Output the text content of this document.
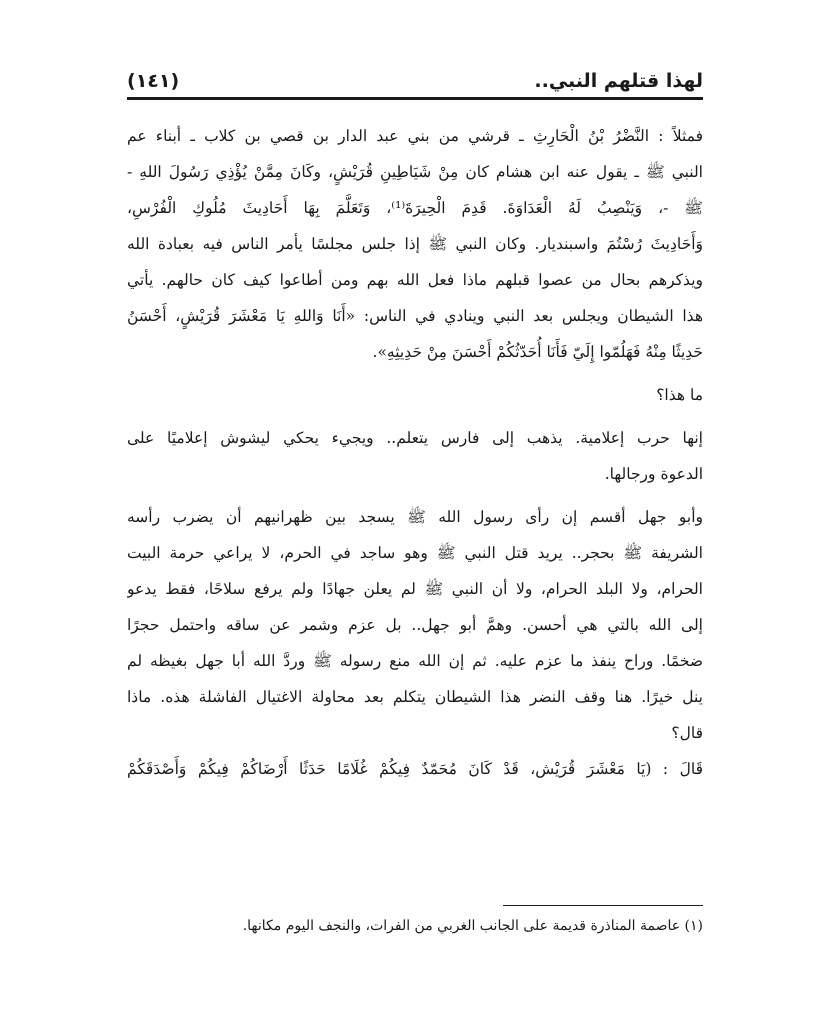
لهذا قتلهم النبي..
(١٤١)

فمثلاً : النَّضْرُ بْنُ الْحَارِثِ ـ قرشي من بني عبد الدار بن قصي بن كلاب ـ أبناء عم
النبي ﷺ ـ يقول عنه ابن هشام كان مِنْ شَيَاطِينِ قُرَيْشٍ، وكَانَ مِمَّنْ يُؤْذِي رَسُولَ اللهِ -
ﷺ -، وَيَنْصِبُ لَهُ الْعَدَاوَةَ. قَدِمَ الْحِيرَةَ⁽¹⁾، وَتَعَلَّمَ بِهَا أَحَادِيثَ مُلُوكِ الْفُرْسِ،
وَأَحَادِيثَ رُسْتُمَ واسبنديار. وكان النبي ﷺ إذا جلس مجلسًا يأمر الناس فيه بعبادة الله
ويذكرهم بحال من عصوا قبلهم ماذا فعل الله بهم ومن أطاعوا كيف كان حالهم. يأتي
هذا الشيطان ويجلس بعد النبي وينادي في الناس: «أَنَا وَاللهِ يَا مَعْشَرَ قُرَيْشٍ، أَحْسَنُ
حَدِيثًا مِنْهُ فَهَلُمّوا إِلَيّ فَأَنَا أُحَدّثُكُمْ أَحْسَنَ مِنْ حَدِيثِهِ».

ما هذا؟

إنها حرب إعلامية. يذهب إلى فارس يتعلم.. ويجيء يحكي ليشوش إعلاميًا على
الدعوة ورجالها.

وأبو جهل أقسم إن رأى رسول الله ﷺ يسجد بين ظهرانيهم أن يضرب رأسه
الشريفة ﷺ بحجر.. يريد قتل النبي ﷺ وهو ساجد في الحرم، لا يراعي حرمة البيت
الحرام، ولا البلد الحرام، ولا أن النبي ﷺ لم يعلن جهادًا ولم يرفع سلاحًا، فقط يدعو
إلى الله بالتي هي أحسن. وهمَّ أبو جهل.. بل عزم وشمر عن ساقه واحتمل حجرًا
ضخمًا. وراح ينفذ ما عزم عليه. ثم إن الله منع رسوله ﷺ وردَّ الله أبا جهل بغيظه لم
ينل خيرًا. هنا وقف النضر هذا الشيطان يتكلم بعد محاولة الاغتيال الفاشلة هذه. ماذا
قال؟

قَالَ : (يَا مَعْشَرَ قُرَيْش، قَدْ كَانَ مُحَمّدٌ فِيكُمْ غُلَامًا حَدَثًا أَرْضَاكُمْ فِيكُمْ وَأَصْدَقَكُمْ

(١) عاصمة المناذرة قديمة على الجانب الغربي من الفرات، والنجف اليوم مكانها.
